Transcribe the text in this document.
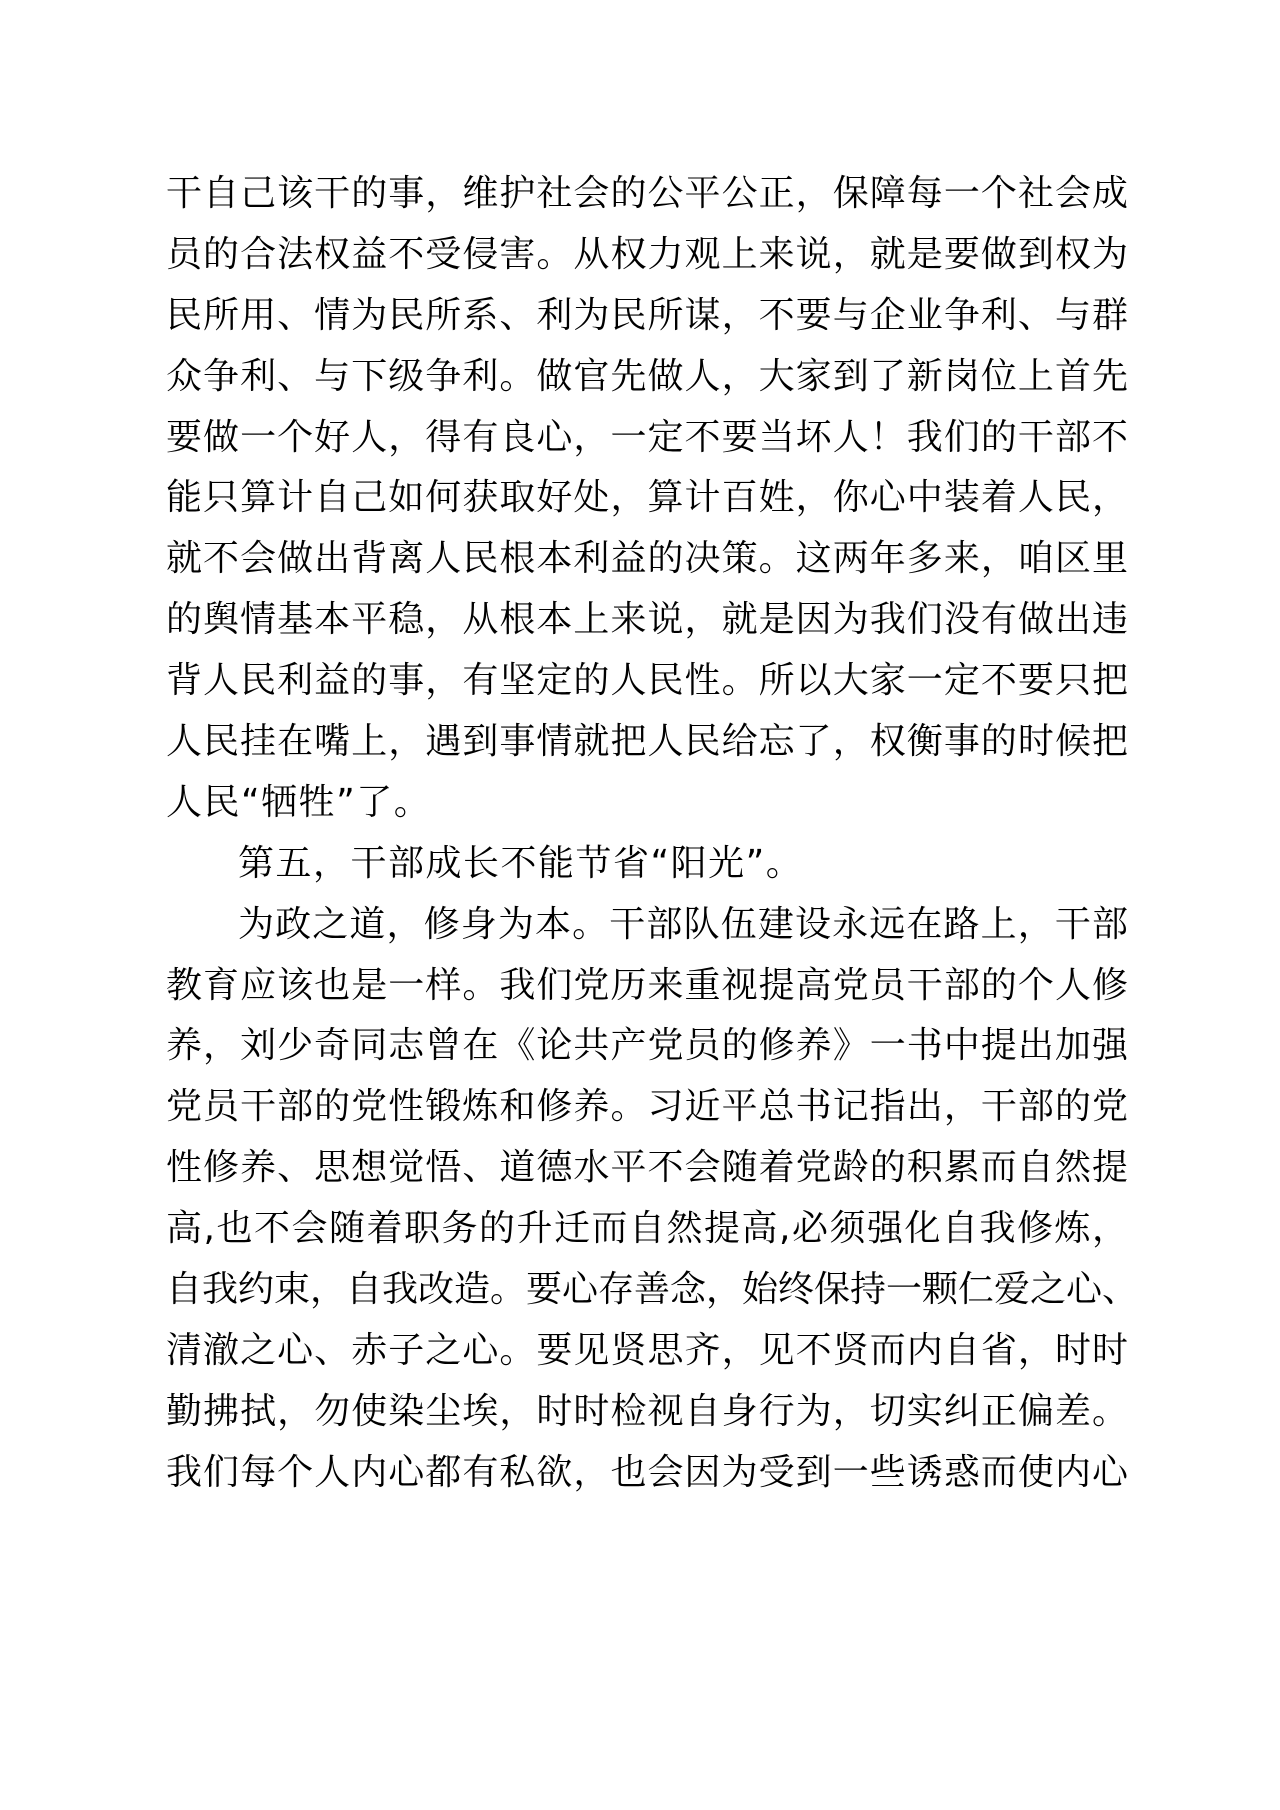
干自己该干的事，维护社会的公平公正，保障每一个社会成
员的合法权益不受侵害。从权力观上来说，就是要做到权为
民所用、情为民所系、利为民所谋，不要与企业争利、与群
众争利、与下级争利。做官先做人，大家到了新岗位上首先
要做一个好人，得有良心，一定不要当坏人！我们的干部不
能只算计自己如何获取好处，算计百姓，你心中装着人民，
就不会做出背离人民根本利益的决策。这两年多来，咱区里
的舆情基本平稳，从根本上来说，就是因为我们没有做出违
背人民利益的事，有坚定的人民性。所以大家一定不要只把
人民挂在嘴上，遇到事情就把人民给忘了，权衡事的时候把
人民“牺牲”了。
第五，干部成长不能节省“阳光”。
为政之道，修身为本。干部队伍建设永远在路上，干部
教育应该也是一样。我们党历来重视提高党员干部的个人修
养，刘少奇同志曾在《论共产党员的修养》一书中提出加强
党员干部的党性锻炼和修养。习近平总书记指出，干部的党
性修养、思想觉悟、道德水平不会随着党龄的积累而自然提
高,也不会随着职务的升迁而自然提高,必须强化自我修炼，
自我约束，自我改造。要心存善念，始终保持一颗仁爱之心、
清澈之心、赤子之心。要见贤思齐，见不贤而内自省，时时
勤拂拭，勿使染尘埃，时时检视自身行为，切实纠正偏差。
我们每个人内心都有私欲，也会因为受到一些诱惑而使内心
